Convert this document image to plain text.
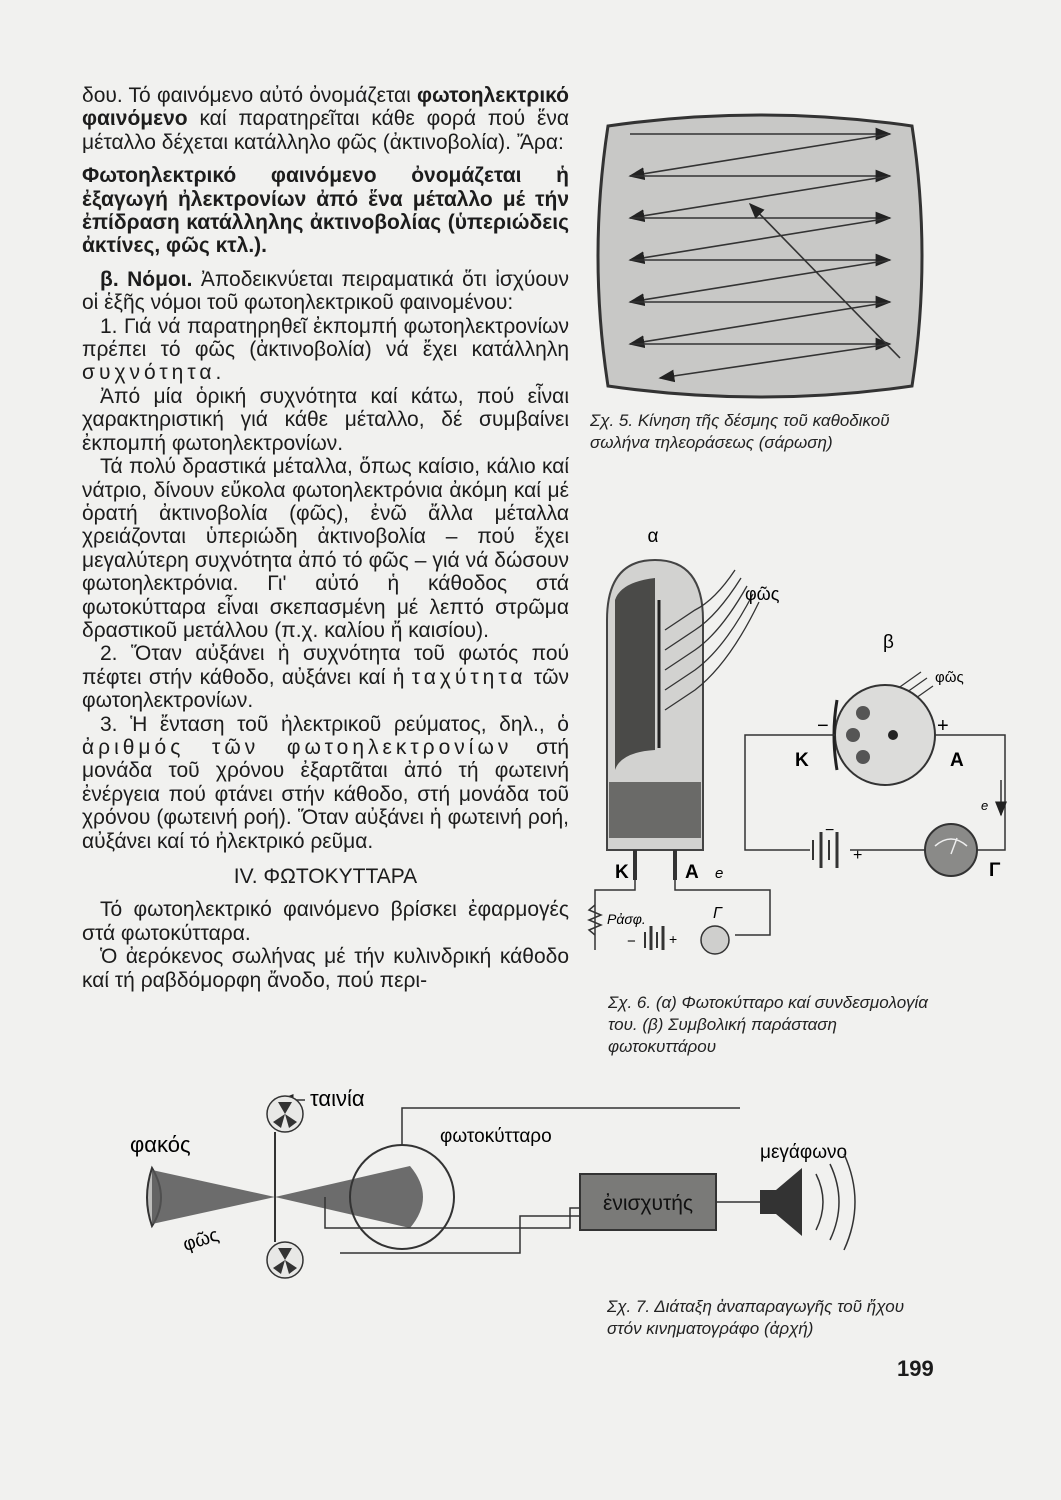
δου. Τό φαινόμενο αὐτό ὀνομάζεται φωτοηλεκτρικό φαινόμενο καί παρατηρεῖται κάθε φορά πού ἕνα μέταλλο δέχεται κατάλληλο φῶς (ἀκτινοβολία). Ἄρα:

Φωτοηλεκτρικό φαινόμενο ὀνομάζεται ἡ ἐξαγωγή ἠλεκτρονίων ἀπό ἕνα μέταλλο μέ τήν ἐπίδραση κατάλληλης ἀκτινοβολίας (ὑπεριώδεις ἀκτίνες, φῶς κτλ.).

β. Νόμοι. Ἀποδεικνύεται πειραματικά ὅτι ἰσχύουν οἱ ἑξῆς νόμοι τοῦ φωτοηλεκτρικοῦ φαινομένου:

1. Γιά νά παρατηρηθεῖ ἐκπομπή φωτοηλεκτρονίων πρέπει τό φῶς (ἀκτινοβολία) νά ἔχει κατάλληλη συχνότητα.

Ἀπό μία ὁρική συχνότητα καί κάτω, πού εἶναι χαρακτηριστική γιά κάθε μέταλλο, δέ συμβαίνει ἐκπομπή φωτοηλεκτρονίων.

Τά πολύ δραστικά μέταλλα, ὅπως καίσιο, κάλιο καί νάτριο, δίνουν εὔκολα φωτοηλεκτρόνια ἀκόμη καί μέ ὁρατή ἀκτινοβολία (φῶς), ἐνῶ ἄλλα μέταλλα χρειάζονται ὑπεριώδη ἀκτινοβολία – πού ἔχει μεγαλύτερη συχνότητα ἀπό τό φῶς – γιά νά δώσουν φωτοηλεκτρόνια. Γι' αὐτό ἡ κάθοδος στά φωτοκύτταρα εἶναι σκεπασμένη μέ λεπτό στρῶμα δραστικοῦ μετάλλου (π.χ. καλίου ἤ καισίου).

2. Ὅταν αὐξάνει ἡ συχνότητα τοῦ φωτός πού πέφτει στήν κάθοδο, αὐξάνει καί ἡ ταχύτητα τῶν φωτοηλεκτρονίων.

3. Ἡ ἔνταση τοῦ ἠλεκτρικοῦ ρεύματος, δηλ., ὁ ἀριθμός τῶν φωτοηλεκτρονίων στή μονάδα τοῦ χρόνου ἐξαρτᾶται ἀπό τή φωτεινή ἐνέργεια πού φτάνει στήν κάθοδο, στή μονάδα τοῦ χρόνου (φωτεινή ροή). Ὅταν αὐξάνει ἡ φωτεινή ροή, αὐξάνει καί τό ἠλεκτρικό ρεῦμα.

IV. ΦΩΤΟΚΥΤΤΑΡΑ

Τό φωτοηλεκτρικό φαινόμενο βρίσκει ἐφαρμογές στά φωτοκύτταρα.

Ὁ ἀερόκενος σωλήνας μέ τήν κυλινδρική κάθοδο καί τή ραβδόμορφη ἄνοδο, πού περι-

Σχ. 5. Κίνηση τῆς δέσμης τοῦ καθοδικοῦ σωλήνα τηλεοράσεως (σάρωση)
α
φῶς
Κ	Α e
Ρἀσφ.	Γ
− +
β
φῶς
−	+
Κ	Α
e
−
+
Γ
Σχ. 6. (α) Φωτοκύτταρο καί συνδεσμολογία του. (β) Συμβολική παράσταση φωτοκυττάρου
ταινία
φακός	φωτοκύτταρο
μεγάφωνο
φῶς
ἐνισχυτής
Σχ. 7. Διάταξη ἀναπαραγωγῆς τοῦ ἤχου στόν κινηματογράφο (ἀρχή)
199
